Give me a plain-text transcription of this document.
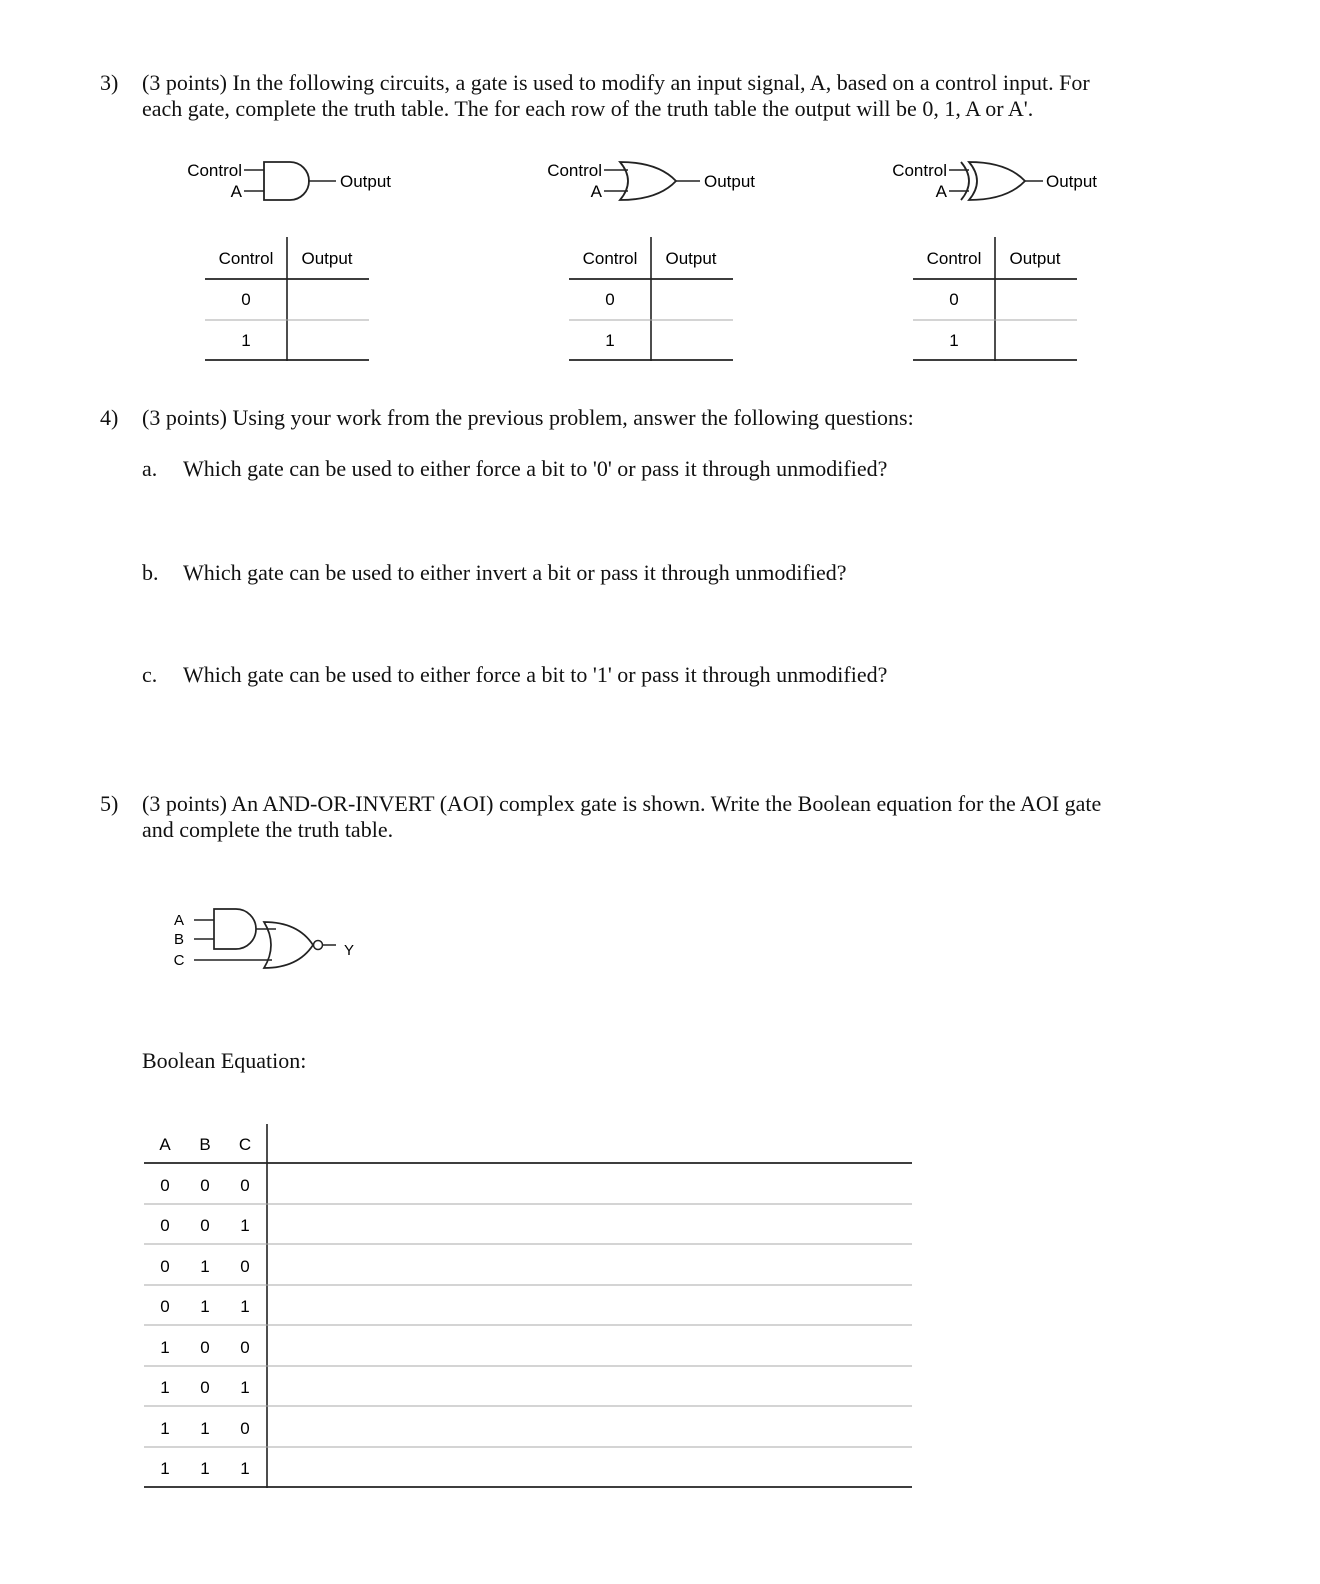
3) (3 points) In the following circuits, a gate is used to modify an input signal, A, based on a control input. For
each gate, complete the truth table. The for each row of the truth table the output will be 0, 1, A or A'.
Control
A
Output
Control
A
Output
Control
A
Output
Control Output
0
1
Control Output
0
1
Control Output
0
1
4) (3 points) Using your work from the previous problem, answer the following questions:
a. Which gate can be used to either force a bit to '0' or pass it through unmodified?
b. Which gate can be used to either invert a bit or pass it through unmodified?
c. Which gate can be used to either force a bit to '1' or pass it through unmodified?
5) (3 points) An AND-OR-INVERT (AOI) complex gate is shown. Write the Boolean equation for the AOI gate
and complete the truth table.
A
B
C
Y
Boolean Equation:
A B C
0 0 0
0 0 1
0 1 0
0 1 1
1 0 0
1 0 1
1 1 0
1 1 1
